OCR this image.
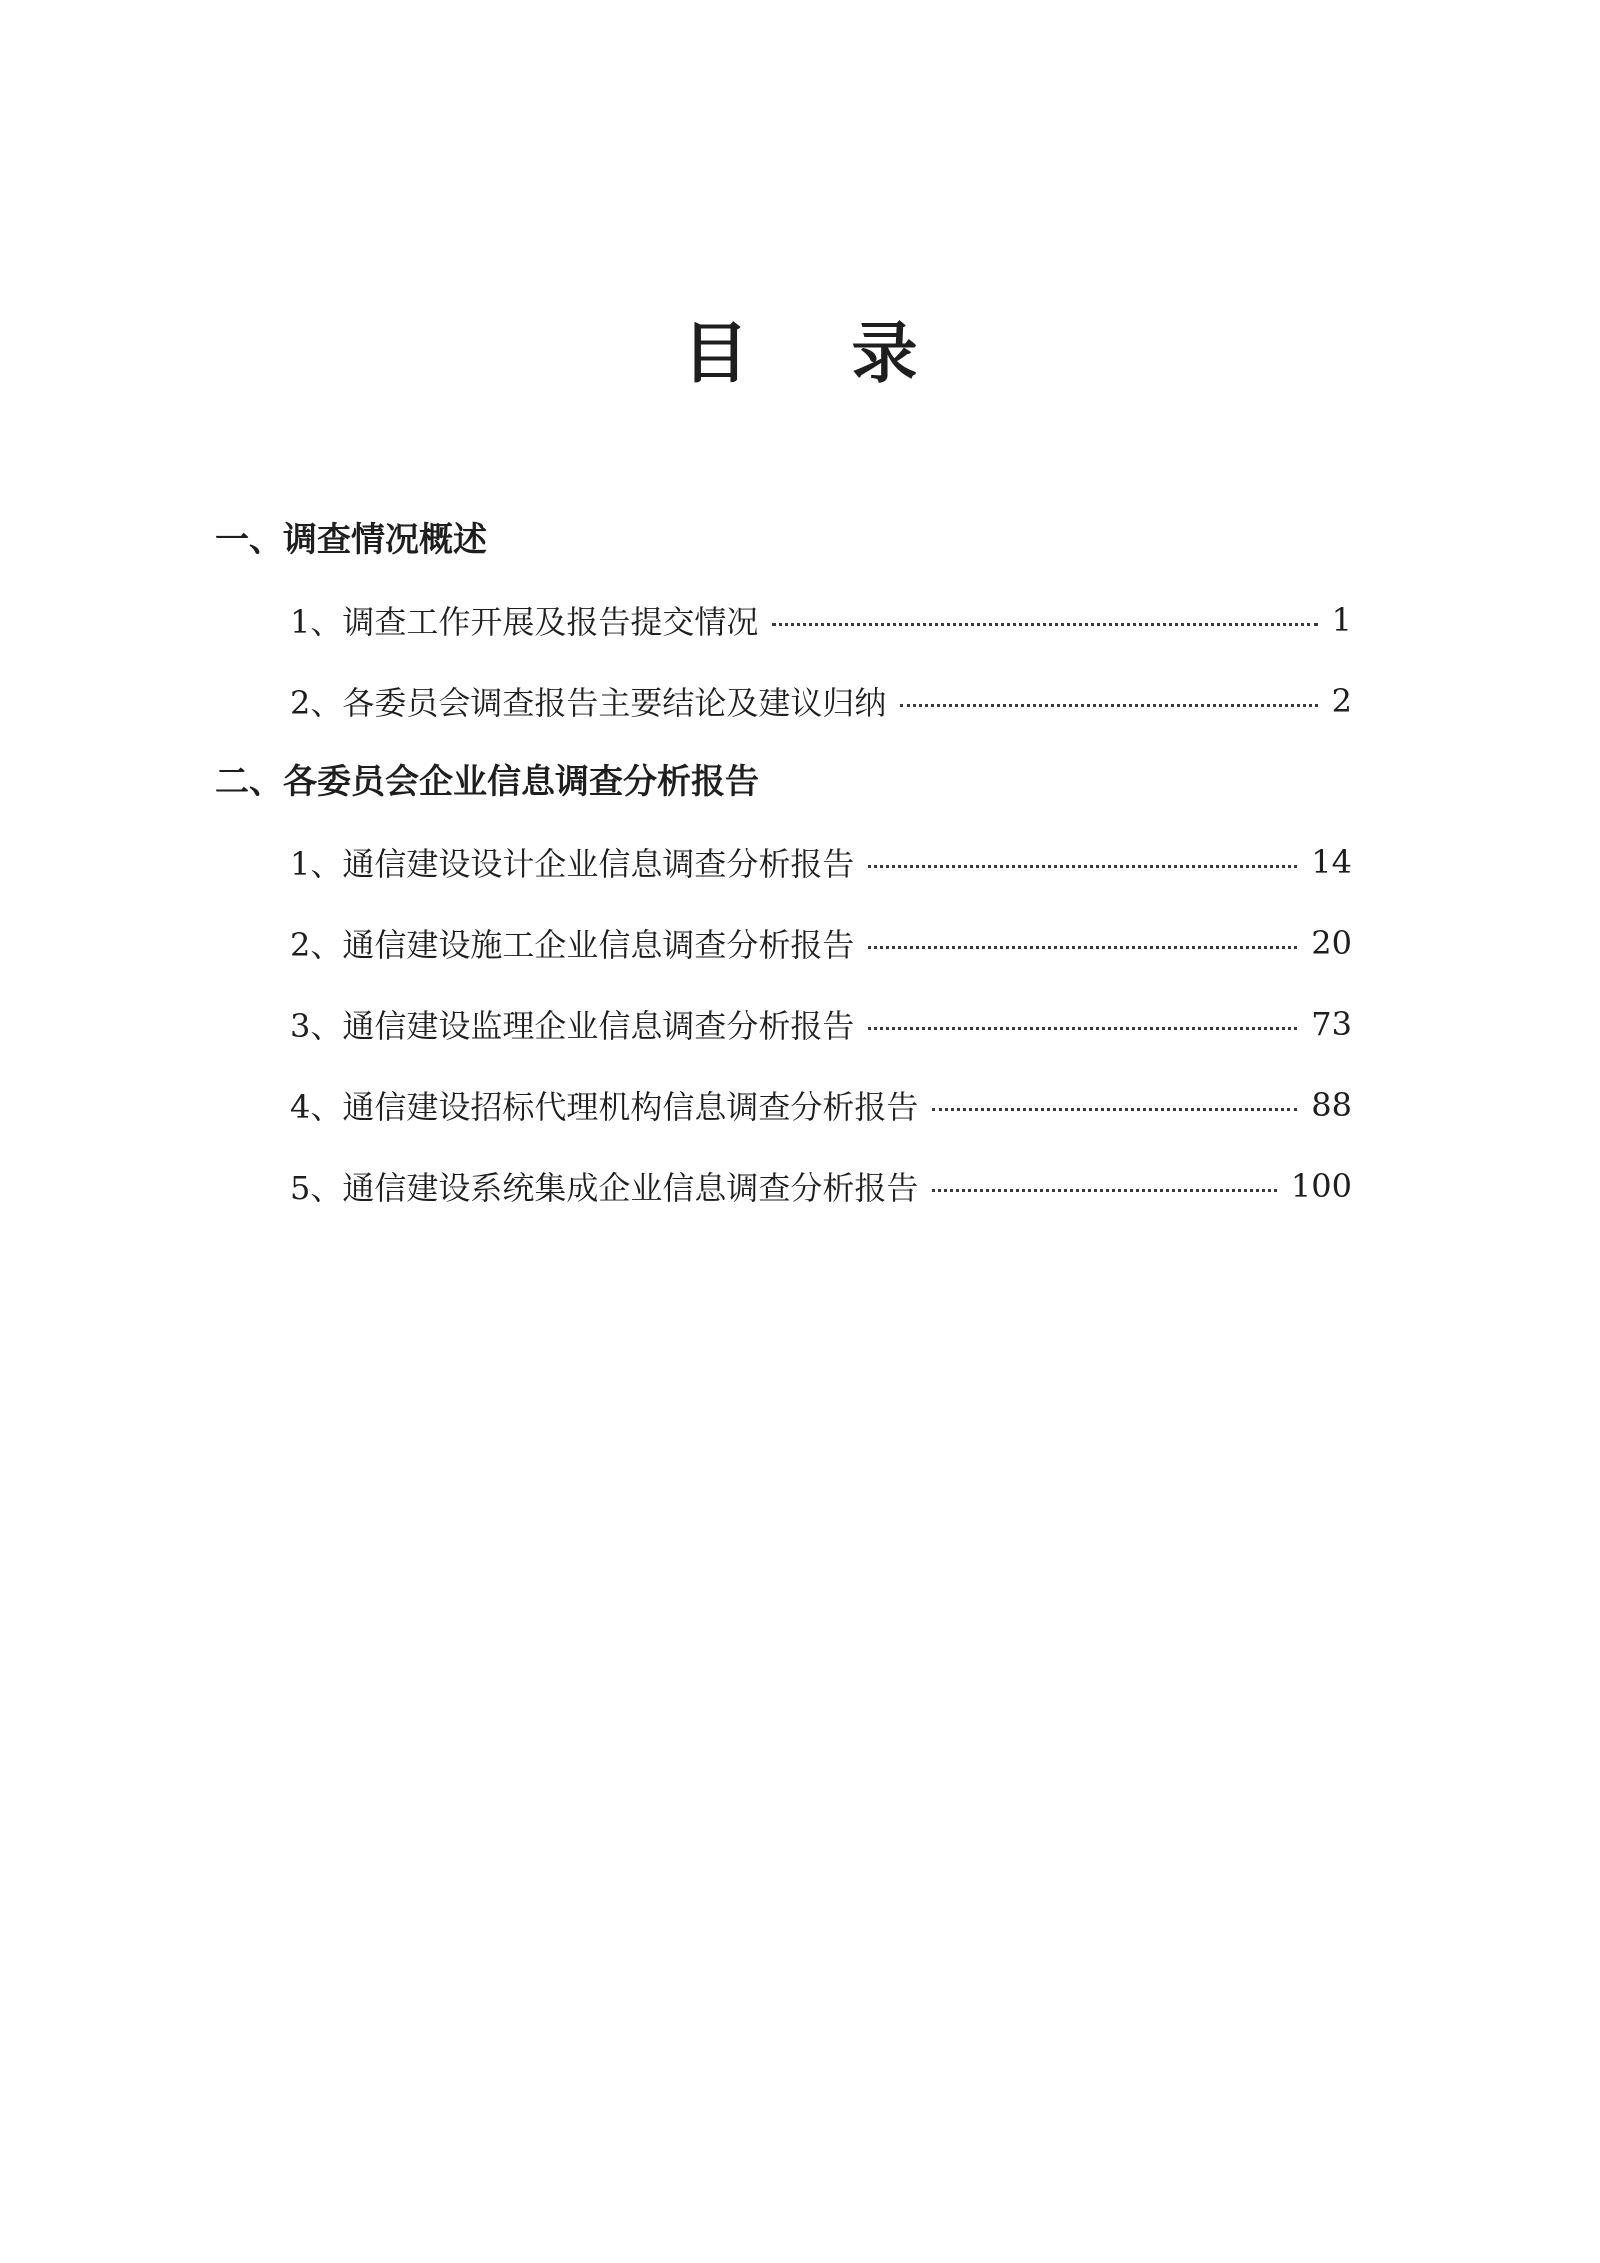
目 录
一、调查情况概述
1、调查工作开展及报告提交情况	1
2、各委员会调查报告主要结论及建议归纳	2
二、各委员会企业信息调查分析报告
1、通信建设设计企业信息调查分析报告	14
2、通信建设施工企业信息调查分析报告	20
3、通信建设监理企业信息调查分析报告	73
4、通信建设招标代理机构信息调查分析报告	88
5、通信建设系统集成企业信息调查分析报告	100
